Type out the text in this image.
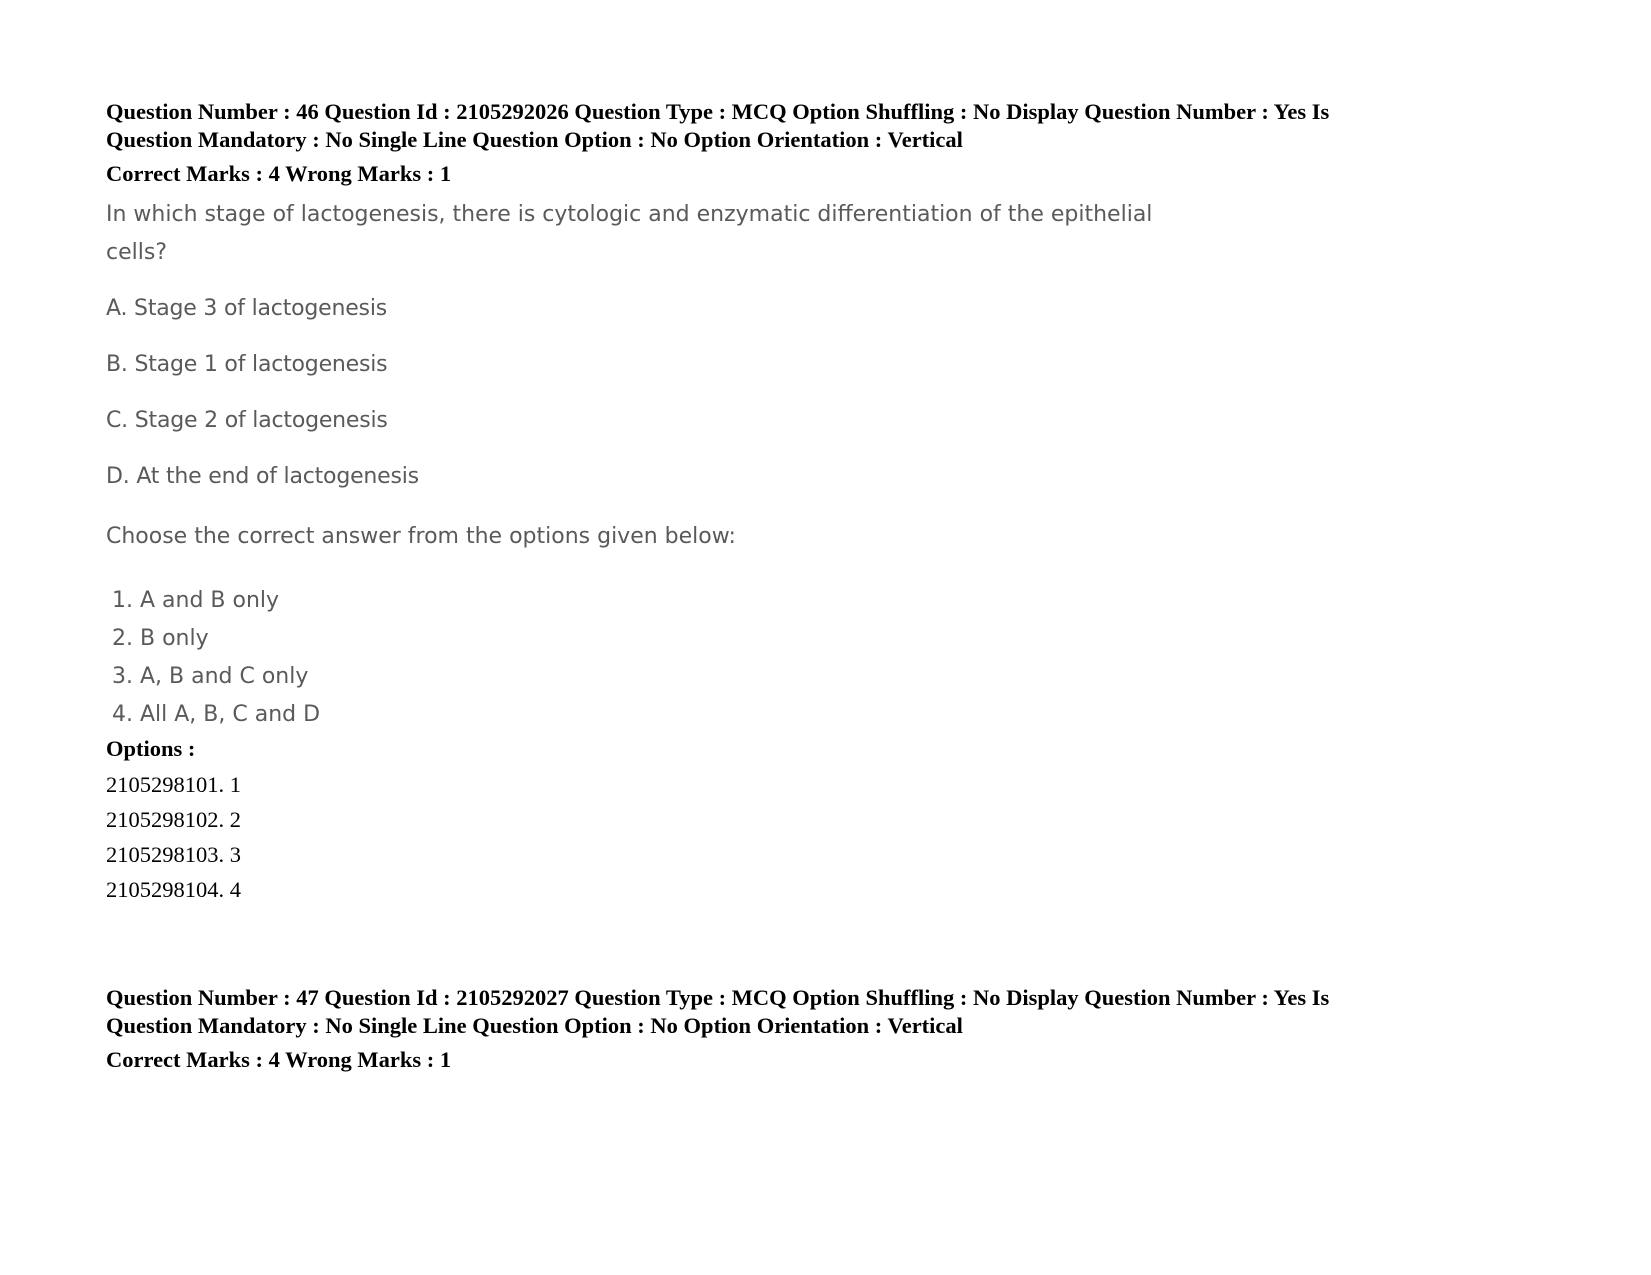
Question Number : 46 Question Id : 2105292026 Question Type : MCQ Option Shuffling : No Display Question Number : Yes Is

Question Mandatory : No Single Line Question Option : No Option Orientation : Vertical

Correct Marks : 4 Wrong Marks : 1
In which stage of lactogenesis, there is cytologic and enzymatic differentiation of the epithelial
cells?
A. Stage 3 of lactogenesis
B. Stage 1 of lactogenesis
C. Stage 2 of lactogenesis
D. At the end of lactogenesis
Choose the correct answer from the options given below:
1. A and B only
2. B only
3. A, B and C only
4. All A, B, C and D
Options :
2105298101. 1
2105298102. 2
2105298103. 3
2105298104. 4

Question Number : 47 Question Id : 2105292027 Question Type : MCQ Option Shuffling : No Display Question Number : Yes Is

Question Mandatory : No Single Line Question Option : No Option Orientation : Vertical

Correct Marks : 4 Wrong Marks : 1
